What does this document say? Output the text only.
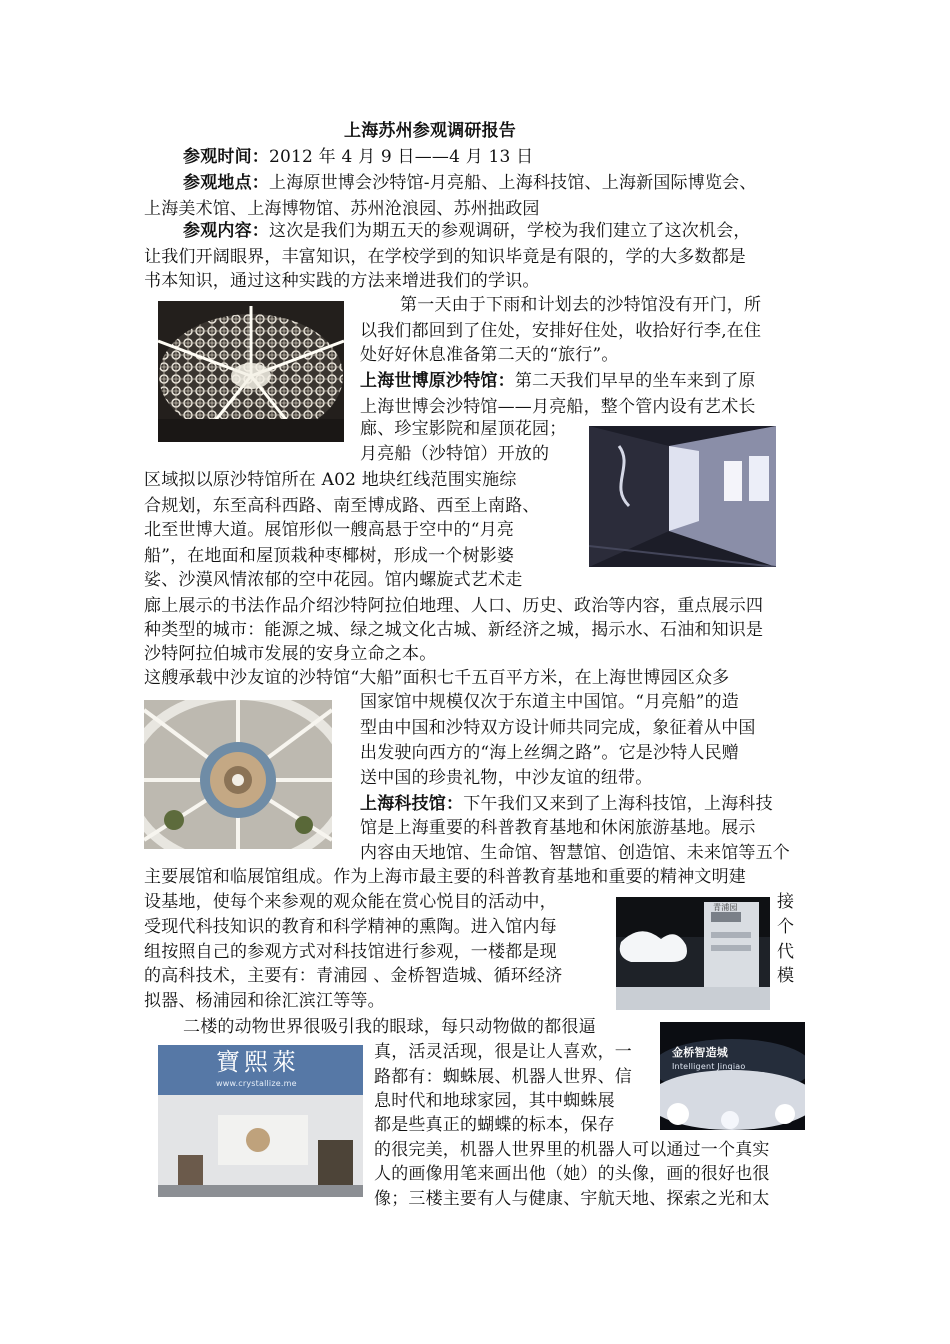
上海苏州参观调研报告
参观时间：2012 年 4 月 9 日——4 月 13 日
参观地点：上海原世博会沙特馆-月亮船、上海科技馆、上海新国际博览会、
上海美术馆、上海博物馆、苏州沧浪园、苏州拙政园
参观内容：这次是我们为期五天的参观调研，学校为我们建立了这次机会，
让我们开阔眼界，丰富知识，在学校学到的知识毕竟是有限的，学的大多数都是
书本知识，通过这种实践的方法来增进我们的学识。
第一天由于下雨和计划去的沙特馆没有开门，所
以我们都回到了住处，安排好住处，收拾好行李,在住
处好好休息准备第二天的“旅行”。
上海世博原沙特馆：第二天我们早早的坐车来到了原
上海世博会沙特馆——月亮船，整个管内设有艺术长
廊、珍宝影院和屋顶花园；
月亮船（沙特馆）开放的
区域拟以原沙特馆所在 A02 地块红线范围实施综
合规划，东至高科西路、南至博成路、西至上南路、
北至世博大道。展馆形似一艘高悬于空中的“月亮
船”，在地面和屋顶栽种枣椰树，形成一个树影婆
娑、沙漠风情浓郁的空中花园。馆内螺旋式艺术走
廊上展示的书法作品介绍沙特阿拉伯地理、人口、历史、政治等内容，重点展示四
种类型的城市：能源之城、绿之城文化古城、新经济之城，揭示水、石油和知识是
沙特阿拉伯城市发展的安身立命之本。
这艘承载中沙友谊的沙特馆“大船”面积七千五百平方米，在上海世博园区众多
国家馆中规模仅次于东道主中国馆。“月亮船”的造
型由中国和沙特双方设计师共同完成，象征着从中国
出发驶向西方的“海上丝绸之路”。它是沙特人民赠
送中国的珍贵礼物，中沙友谊的纽带。
上海科技馆：下午我们又来到了上海科技馆，上海科技
馆是上海重要的科普教育基地和休闲旅游基地。展示
内容由天地馆、生命馆、智慧馆、创造馆、未来馆等五个
主要展馆和临展馆组成。作为上海市最主要的科普教育基地和重要的精神文明建
设基地，使每个来参观的观众能在赏心悦目的活动中，
受现代科技知识的教育和科学精神的熏陶。进入馆内每
组按照自己的参观方式对科技馆进行参观，一楼都是现
的高科技术，主要有：青浦园 、金桥智造城、循环经济
拟器、杨浦园和徐汇滨江等等。
接
个
代
模
青浦园
二楼的动物世界很吸引我的眼球，每只动物做的都很逼
寶熙萊
www.crystallize.me
金桥智造城
Intelligent Jinqiao
真，活灵活现，很是让人喜欢，一
路都有：蜘蛛展、机器人世界、信
息时代和地球家园，其中蜘蛛展
都是些真正的蝴蝶的标本，保存
的很完美，机器人世界里的机器人可以通过一个真实
人的画像用笔来画出他（她）的头像，画的很好也很
像；三楼主要有人与健康、宇航天地、探索之光和太
